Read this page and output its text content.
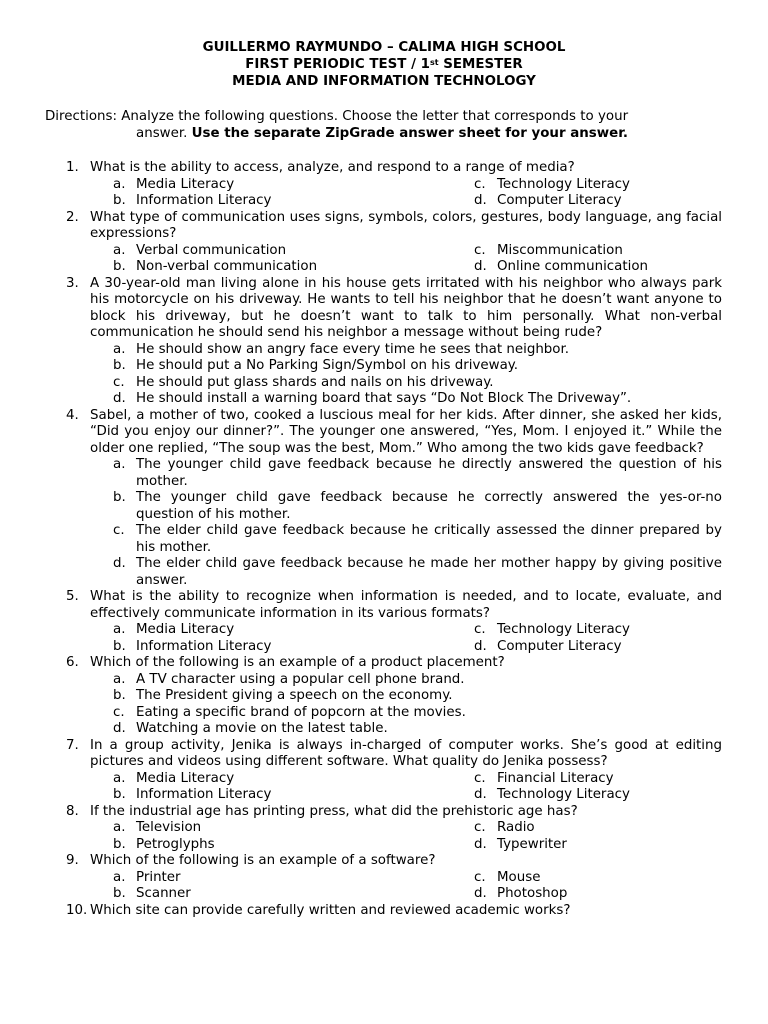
GUILLERMO RAYMUNDO – CALIMA HIGH SCHOOL
FIRST PERIODIC TEST / 1st SEMESTER
MEDIA AND INFORMATION TECHNOLOGY
Directions: Analyze the following questions. Choose the letter that corresponds to your
answer. Use the separate ZipGrade answer sheet for your answer.
1. What is the ability to access, analyze, and respond to a range of media?
a. Media Literacy	c. Technology Literacy
b. Information Literacy	d. Computer Literacy
2. What type of communication uses signs, symbols, colors, gestures, body language, ang facial expressions?
a. Verbal communication	c. Miscommunication
b. Non-verbal communication	d. Online communication
3. A 30-year-old man living alone in his house gets irritated with his neighbor who always park his motorcycle on his driveway. He wants to tell his neighbor that he doesn’t want anyone to block his driveway, but he doesn’t want to talk to him personally. What non-verbal communication he should send his neighbor a message without being rude?
a. He should show an angry face every time he sees that neighbor.
b. He should put a No Parking Sign/Symbol on his driveway.
c. He should put glass shards and nails on his driveway.
d. He should install a warning board that says “Do Not Block The Driveway”.
4. Sabel, a mother of two, cooked a luscious meal for her kids. After dinner, she asked her kids, “Did you enjoy our dinner?”. The younger one answered, “Yes, Mom. I enjoyed it.” While the older one replied, “The soup was the best, Mom.” Who among the two kids gave feedback?
a. The younger child gave feedback because he directly answered the question of his mother.
b. The younger child gave feedback because he correctly answered the yes-or-no question of his mother.
c. The elder child gave feedback because he critically assessed the dinner prepared by his mother.
d. The elder child gave feedback because he made her mother happy by giving positive answer.
5. What is the ability to recognize when information is needed, and to locate, evaluate, and effectively communicate information in its various formats?
a. Media Literacy	c. Technology Literacy
b. Information Literacy	d. Computer Literacy
6. Which of the following is an example of a product placement?
a. A TV character using a popular cell phone brand.
b. The President giving a speech on the economy.
c. Eating a specific brand of popcorn at the movies.
d. Watching a movie on the latest table.
7. In a group activity, Jenika is always in-charged of computer works. She’s good at editing pictures and videos using different software. What quality do Jenika possess?
a. Media Literacy	c. Financial Literacy
b. Information Literacy	d. Technology Literacy
8. If the industrial age has printing press, what did the prehistoric age has?
a. Television	c. Radio
b. Petroglyphs	d. Typewriter
9. Which of the following is an example of a software?
a. Printer	c. Mouse
b. Scanner	d. Photoshop
10. Which site can provide carefully written and reviewed academic works?
